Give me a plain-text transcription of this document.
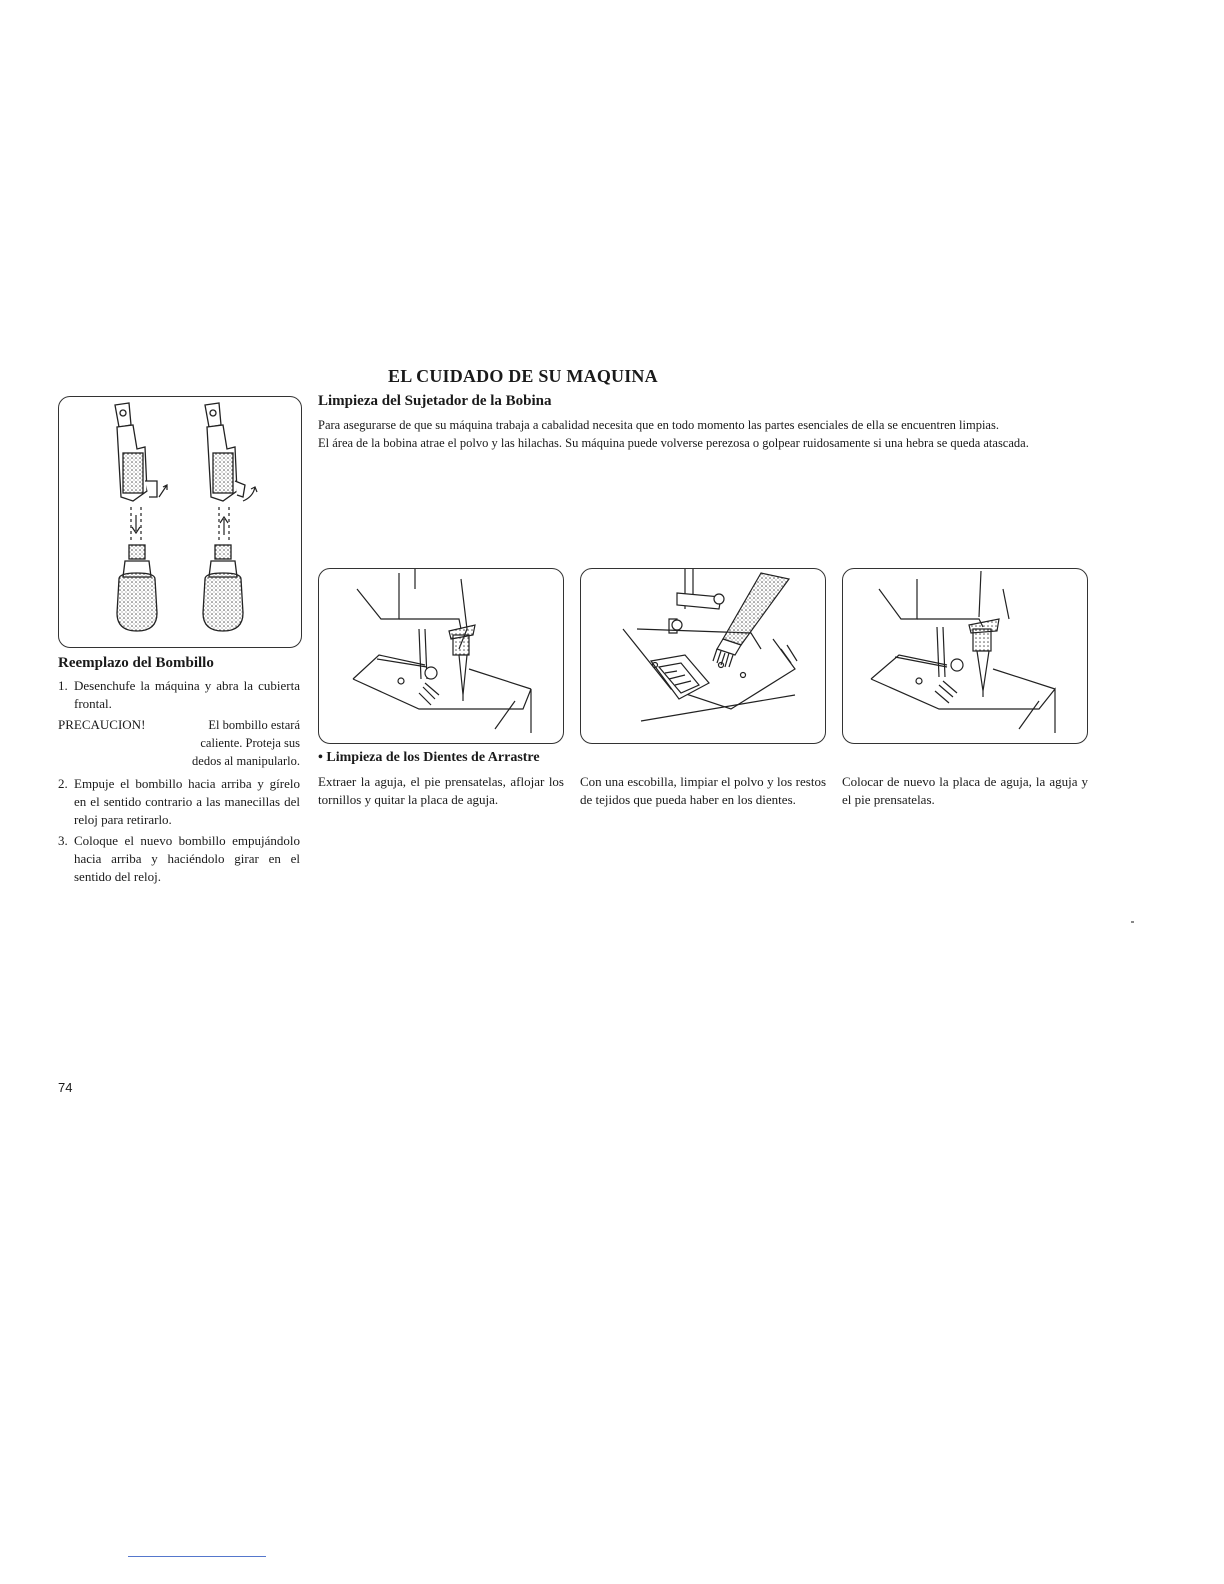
EL CUIDADO DE SU MAQUINA
Limpieza del Sujetador de la Bobina

Para asegurarse de que su máquina trabaja a cabalidad necesita que en todo momento las partes esenciales de ella se encuentren limpias.

El área de la bobina atrae el polvo y las hilachas. Su máquina puede volverse perezosa o golpear ruidosamente si una hebra se queda atascada.

Reemplazo del Bombillo
1. Desenchufe la máquina y abra la cubierta frontal.
PRECAUCION!	El bombillo estará caliente. Proteja sus dedos al manipularlo.
2. Empuje el bombillo hacia arriba y gírelo en el sentido contrario a las manecillas del reloj para retirarlo.
3. Coloque el nuevo bombillo empujándolo hacia arriba y haciéndolo girar en el sentido del reloj.
• Limpieza de los Dientes de Arrastre
Extraer la aguja, el pie prensatelas, aflojar los tornillos y quitar la placa de aguja.
Con una escobilla, limpiar el polvo y los restos de tejidos que pueda haber en los dientes.
Colocar de nuevo la placa de aguja, la aguja y el pie prensatelas.
74
